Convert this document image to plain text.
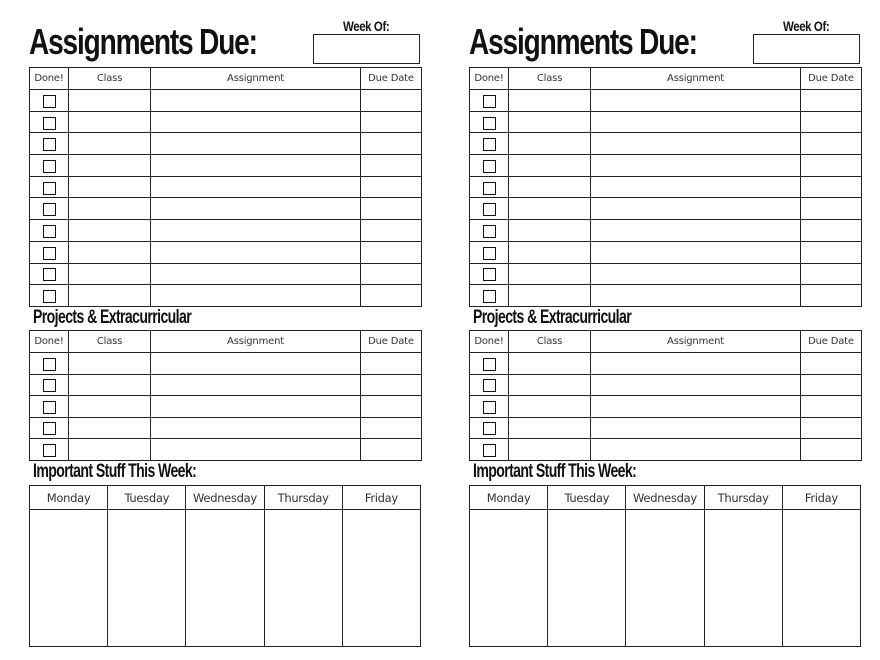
Assignments Due:	Week Of:
Done!	Class	Assignment	Due Date

Projects & Extracurricular
Done!	Class	Assignment	Due Date

Important Stuff This Week:
Monday	Tuesday	Wednesday	Thursday	Friday

Assignments Due:	Week Of:
Done!	Class	Assignment	Due Date

Projects & Extracurricular
Done!	Class	Assignment	Due Date

Important Stuff This Week:
Monday	Tuesday	Wednesday	Thursday	Friday
